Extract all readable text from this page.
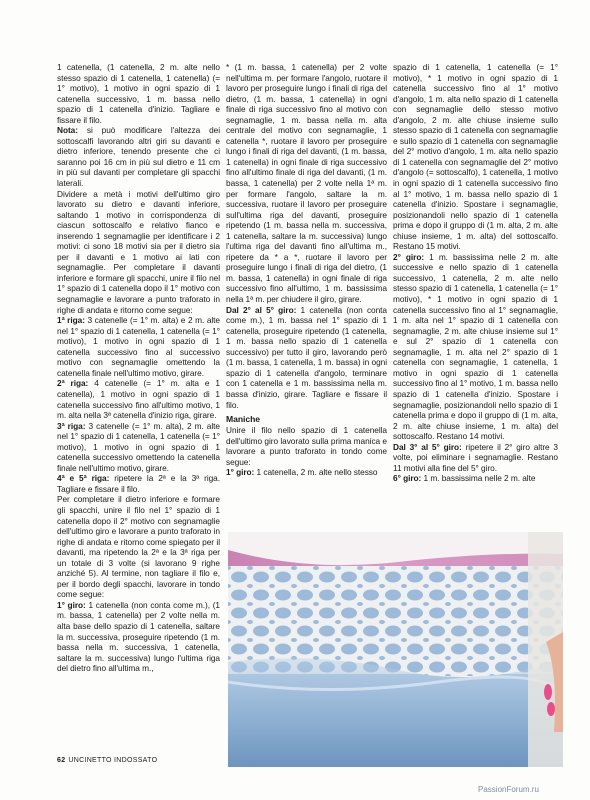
1 catenella, (1 catenella, 2 m. alte nello stesso spazio di 1 catenella, 1 catenella) (= 1° motivo), 1 motivo in ogni spazio di 1 catenella successivo, 1 m. bassa nello spazio di 1 catenella d'inizio. Tagliare e fissare il filo.

Nota: si può modificare l'altezza dei sottoscalfi lavorando altri giri su davanti e dietro inferiore, tenendo presente che ci saranno poi 16 cm in più sul dietro e 11 cm in più sul davanti per completare gli spacchi laterali.

Dividere a metà i motivi dell'ultimo giro lavorato su dietro e davanti inferiore, saltando 1 motivo in corrispondenza di ciascun sottoscalfo e relativo fianco e inserendo 1 segnamaglie per identificare i 2 motivi: ci sono 18 motivi sia per il dietro sia per il davanti e 1 motivo ai lati con segnamaglie. Per completare il davanti inferiore e formare gli spacchi, unire il filo nel 1° spazio di 1 catenella dopo il 1° motivo con segnamaglie e lavorare a punto traforato in righe di andata e ritorno come segue:

1ª riga: 3 catenelle (= 1° m. alta) e 2 m. alte nel 1° spazio di 1 catenella, 1 catenella (= 1° motivo), 1 motivo in ogni spazio di 1 catenella successivo fino al successivo motivo con segnamaglie omettendo la catenella finale nell'ultimo motivo, girare.

2ª riga: 4 catenelle (= 1° m. alta e 1 catenella), 1 motivo in ogni spazio di 1 catenella successivo fino all'ultimo motivo, 1 m. alta nella 3ª catenella d'inizio riga, girare.

3ª riga: 3 catenelle (= 1° m. alta), 2 m. alte nel 1° spazio di 1 catenella, 1 catenella (= 1° motivo), 1 motivo in ogni spazio di 1 catenella successivo omettendo la catenella finale nell'ultimo motivo, girare.

4ª e 5ª riga: ripetere la 2ª e la 3ª riga. Tagliare e fissare il filo.

Per completare il dietro inferiore e formare gli spacchi, unire il filo nel 1° spazio di 1 catenella dopo il 2° motivo con segnamaglie dell'ultimo giro e lavorare a punto traforato in righe di andata e ritorno come spiegato per il davanti, ma ripetendo la 2ª e la 3ª riga per un totale di 3 volte (si lavorano 9 righe anziché 5). Al termine, non tagliare il filo e, per il bordo degli spacchi, lavorare in tondo come segue:

1° giro: 1 catenella (non conta come m.), (1 m. bassa, 1 catenella) per 2 volte nella m. alta base dello spazio di 1 catenella, saltare la m. successiva, proseguire ripetendo (1 m. bassa nella m. successiva, 1 catenella, saltare la m. successiva) lungo l'ultima riga del dietro fino all'ultima m.,

* (1 m. bassa, 1 catenella) per 2 volte nell'ultima m. per formare l'angolo, ruotare il lavoro per proseguire lungo i finali di riga del dietro, (1 m. bassa, 1 catenella) in ogni finale di riga successivo fino al motivo con segnamaglie, 1 m. bassa nella m. alta centrale del motivo con segnamaglie, 1 catenella *, ruotare il lavoro per proseguire lungo i finali di riga del davanti, (1 m. bassa, 1 catenella) in ogni finale di riga successivo fino all'ultimo finale di riga del davanti, (1 m. bassa, 1 catenella) per 2 volte nella 1ª m. per formare l'angolo, saltare la m. successiva, ruotare il lavoro per proseguire sull'ultima riga del davanti, proseguire ripetendo (1 m. bassa nella m. successiva, 1 catenella, saltare la m. successiva) lungo l'ultima riga del davanti fino all'ultima m., ripetere da * a *, ruotare il lavoro per proseguire lungo i finali di riga del dietro, (1 m. bassa, 1 catenella) in ogni finale di riga successivo fino all'ultimo, 1 m. bassissima nella 1ª m. per chiudere il giro, girare.

Dal 2° al 5° giro: 1 catenella (non conta come m.), 1 m. bassa nel 1° spazio di 1 catenella, proseguire ripetendo (1 catenella, 1 m. bassa nello spazio di 1 catenella successivo) per tutto il giro, lavorando però (1 m. bassa, 1 catenella, 1 m. bassa) in ogni spazio di 1 catenella d'angolo, terminare con 1 catenella e 1 m. bassissima nella m. bassa d'inizio, girare. Tagliare e fissare il filo.

Maniche

Unire il filo nello spazio di 1 catenella dell'ultimo giro lavorato sulla prima manica e lavorare a punto traforato in tondo come segue:

1° giro: 1 catenella, 2 m. alte nello stesso

spazio di 1 catenella, 1 catenella (= 1° motivo), * 1 motivo in ogni spazio di 1 catenella successivo fino al 1° motivo d'angolo, 1 m. alta nello spazio di 1 catenella con segnamaglie dello stesso motivo d'angolo, 2 m. alte chiuse insieme sullo stesso spazio di 1 catenella con segnamaglie e sullo spazio di 1 catenella con segnamaglie del 2° motivo d'angolo, 1 m. alta nello spazio di 1 catenella con segnamaglie del 2° motivo d'angolo (= sottoscalfo), 1 catenella, 1 motivo in ogni spazio di 1 catenella successivo fino al 1° motivo, 1 m. bassa nello spazio di 1 catenella d'inizio. Spostare i segnamaglie, posizionandoli nello spazio di 1 catenella prima e dopo il gruppo di (1 m. alta, 2 m. alte chiuse insieme, 1 m. alta) del sottoscalfo. Restano 15 motivi.

2° giro: 1 m. bassissima nelle 2 m. alte successive e nello spazio di 1 catenella successivo, 1 catenella, 2 m. alte nello stesso spazio di 1 catenella, 1 catenella (= 1° motivo), * 1 motivo in ogni spazio di 1 catenella successivo fino al 1° segnamaglie, 1 m. alta nel 1° spazio di 1 catenella con segnamaglie, 2 m. alte chiuse insieme sul 1° e sul 2° spazio di 1 catenella con segnamaglie, 1 m. alta nel 2° spazio di 1 catenella con segnamaglie, 1 catenella, 1 motivo in ogni spazio di 1 catenella successivo fino al 1° motivo, 1 m. bassa nello spazio di 1 catenella d'inizio. Spostare i segnamaglie, posizionandoli nello spazio di 1 catenella prima e dopo il gruppo di (1 m. alta, 2 m. alte chiuse insieme, 1 m. alta) del sottoscalfo. Restano 14 motivi.

Dal 3° al 5° giro: ripetere il 2° giro altre 3 volte, poi eliminare i segnamaglie. Restano 11 motivi alla fine del 5° giro.

6° giro: 1 m. bassissima nelle 2 m. alte

62 UNCINETTO INDOSSATO
PassionForum.ru
